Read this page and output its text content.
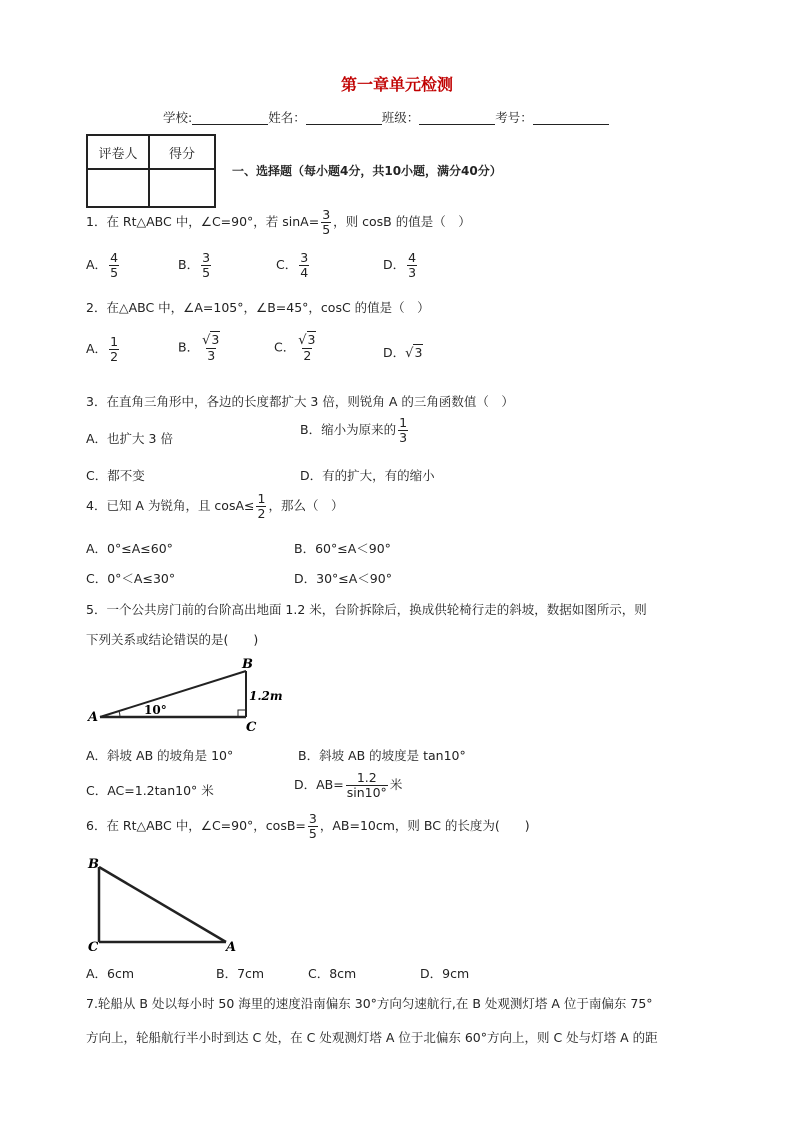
第一章单元检测
学校:	姓名：	班级：	考号：
评卷人	得分

一、选择题（每小题4分，共10小题，满分40分）
1．在 Rt△ABC 中，∠C=90°，若 $\sin A= \frac{3}{5}$ ，则 cosB 的值是（　）
A． $\frac{4}{5}$	B． $\frac{3}{5}$	C． $\frac{3}{4}$	D． $\frac{4}{3}$
2．在△ABC 中，∠A=105°，∠B=45°，cosC 的值是（　）
A． $\frac{1}{2}$	B． $\frac{√3}{3}$	C． $\frac{√3}{2}$	D．√3
3．在直角三角形中，各边的长度都扩大 3 倍，则锐角 A 的三角函数值（　）
A．也扩大 3 倍
B．缩小为原来的 $\frac{1}{3}$
C．都不变	D．有的扩大，有的缩小
4．已知 A 为锐角，且 $\cos A\le \frac{1}{2}$ ，那么（　）
A．0°≤A≤60°	B．60°≤A＜90°
C．0°＜A≤30°	D．30°≤A＜90°
5．一个公共房门前的台阶高出地面 1.2 米，台阶拆除后，换成供轮椅行走的斜坡，数据如图所示，则
下列关系或结论错误的是(　　)
A
B
C
1.2m
10°
A．斜坡 AB 的坡角是 10°	B．斜坡 AB 的坡度是 tan10°
C．AC=1.2tan10° 米	D．$AB= \frac{1.2}{\sin 10^\circ}$ 米
6．在 Rt△ABC 中，∠C=90°，$\cos B= \frac{3}{5}$ ，AB=10cm，则 BC 的长度为(　　)
B
C	A
A．6cm	B．7cm	C．8cm	D．9cm
7.轮船从 B 处以每小时 50 海里的速度沿南偏东 30°方向匀速航行,在 B 处观测灯塔 A 位于南偏东 75°
方向上，轮船航行半小时到达 C 处，在 C 处观测灯塔 A 位于北偏东 60°方向上，则 C 处与灯塔 A 的距
